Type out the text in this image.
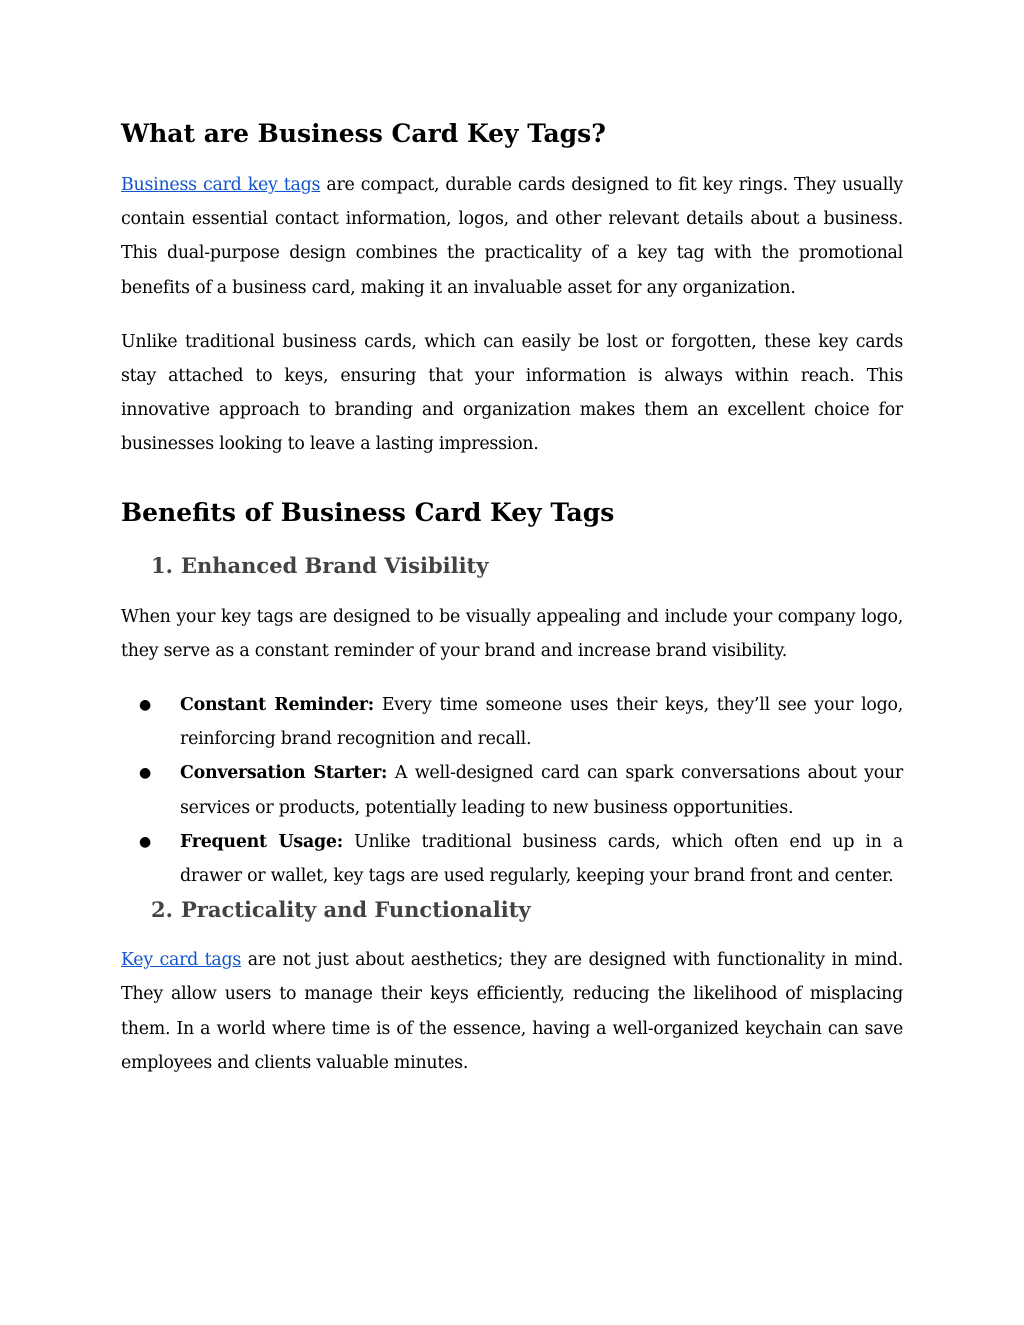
What are Business Card Key Tags?

Business card key tags are compact, durable cards designed to fit key rings. They usually contain essential contact information, logos, and other relevant details about a business. This dual-purpose design combines the practicality of a key tag with the promotional benefits of a business card, making it an invaluable asset for any organization.

Unlike traditional business cards, which can easily be lost or forgotten, these key cards stay attached to keys, ensuring that your information is always within reach. This innovative approach to branding and organization makes them an excellent choice for businesses looking to leave a lasting impression.

Benefits of Business Card Key Tags
1. Enhanced Brand Visibility

When your key tags are designed to be visually appealing and include your company logo, they serve as a constant reminder of your brand and increase brand visibility.

●	Constant Reminder: Every time someone uses their keys, they’ll see your logo, reinforcing brand recognition and recall.
●	Conversation Starter: A well-designed card can spark conversations about your services or products, potentially leading to new business opportunities.
●	Frequent Usage: Unlike traditional business cards, which often end up in a drawer or wallet, key tags are used regularly, keeping your brand front and center.
2. Practicality and Functionality

Key card tags are not just about aesthetics; they are designed with functionality in mind. They allow users to manage their keys efficiently, reducing the likelihood of misplacing them. In a world where time is of the essence, having a well-organized keychain can save employees and clients valuable minutes.
